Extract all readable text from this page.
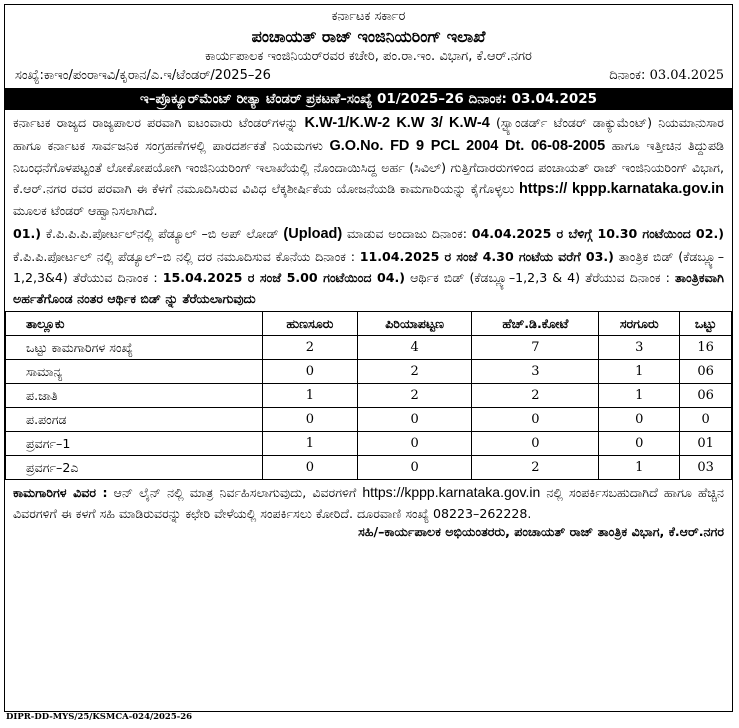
ಕರ್ನಾಟಕ ಸರ್ಕಾರ
ಪಂಚಾಯತ್ ರಾಜ್ ಇಂಜಿನಿಯರಿಂಗ್ ಇಲಾಖೆ
ಕಾರ್ಯಪಾಲಕ ಇಂಜಿನಿಯರ್‌ರವರ ಕಚೇರಿ, ಪಂ.ರಾ.ಇಂ. ವಿಭಾಗ, ಕೆ.ಆರ್.ನಗರ
ಸಂಖ್ಯೆ:ಕಾಇಂ/ಪಂರಾಇವಿ/ಕೃರಾನ/ಎ.ಇ/ಟೆಂಡರ್/2025–26	ದಿನಾಂಕ: 03.04.2025
ಇ–ಪ್ರೊಕ್ಯೂರ್‌ಮೆಂಟ್ ರೀತ್ಯಾ ಟೆಂಡರ್ ಪ್ರಕಟಣೆ–ಸಂಖ್ಯೆ 01/2025–26 ದಿನಾಂಕ: 03.04.2025
ಕರ್ನಾಟಕ ರಾಜ್ಯದ ರಾಜ್ಯಪಾಲರ ಪರವಾಗಿ ಐಟಂವಾರು ಟೆಂಡರ್‌ಗಳನ್ನು K.W-1/K.W-2 K.W 3/ K.W-4 (ಸ್ಟ್ಯಾಂಡರ್ಡ್ ಟೆಂಡರ್ ಡಾಕ್ಯುಮೆಂಟ್) ನಿಯಮಾನುಸಾರ ಹಾಗೂ ಕರ್ನಾಟಕ ಸಾರ್ವಜನಿಕ ಸಂಗ್ರಹಣೆಗಳಲ್ಲಿ ಪಾರದರ್ಶಕತೆ ನಿಯಮಗಳು G.O.No. FD 9 PCL 2004 Dt. 06-08-2005 ಹಾಗೂ ಇತ್ತೀಚಿನ ತಿದ್ದುಪಡಿ ನಿಬಂಧನೆಗೊಳಪಟ್ಟಂತೆ ಲೋಕೋಪಯೋಗಿ ಇಂಜಿನಿಯರಿಂಗ್ ಇಲಾಖೆಯಲ್ಲಿ ನೊಂದಾಯಿಸಿದ್ದ ಅರ್ಹ (ಸಿವಿಲ್) ಗುತ್ತಿಗೆದಾರರುಗಳಿಂದ ಪಂಚಾಯತ್ ರಾಜ್ ಇಂಜಿನಿಯರಿಂಗ್ ವಿಭಾಗ, ಕೆ.ಆರ್.ನಗರ ರವರ ಪರವಾಗಿ ಈ ಕೆಳಗೆ ನಮೂದಿಸಿರುವ ವಿವಿಧ ಲೆಕ್ಕಶೀರ್ಷಿಕೆಯ ಯೋಜನೆಯಡಿ ಕಾಮಗಾರಿಯನ್ನು ಕೈಗೊಳ್ಳಲು https:// kppp.karnataka.gov.in ಮೂಲಕ ಟೆಂಡರ್ ಆಹ್ವಾನಿಸಲಾಗಿದೆ.
01.) ಕೆ.ಪಿ.ಪಿ.ಪಿ.ಪೋರ್ಟಲ್‌ನಲ್ಲಿ ಪೆಡ್ಯೂಲ್ –ಬಿ ಅಪ್ ಲೋಡ್ (Upload) ಮಾಡುವ ಅಂದಾಜು ದಿನಾಂಕ: 04.04.2025 ರ ಬೆಳಿಗ್ಗೆ 10.30 ಗಂಟೆಯಿಂದ 02.) ಕೆ.ಪಿ.ಪಿ.ಪೋರ್ಟಲ್ ನಲ್ಲಿ ಪೆಡ್ಯೂಲ್–ಬಿ ನಲ್ಲಿ ದರ ನಮೂದಿಸುವ ಕೊನೆಯ ದಿನಾಂಕ : 11.04.2025 ರ ಸಂಜೆ 4.30 ಗಂಟೆಯ ವರೆಗೆ 03.) ತಾಂತ್ರಿಕ ಬಿಡ್ (ಕೆಡಬ್ಲ್ಯೂ–1,2,3&4) ತೆರೆಯುವ ದಿನಾಂಕ : 15.04.2025 ರ ಸಂಜೆ 5.00 ಗಂಟೆಯಿಂದ 04.) ಆರ್ಥಿಕ ಬಿಡ್ (ಕೆಡಬ್ಲ್ಯೂ–1,2,3 & 4) ತೆರೆಯುವ ದಿನಾಂಕ : ತಾಂತ್ರಿಕವಾಗಿ ಅರ್ಹತೆಗೊಂಡ ನಂತರ ಆರ್ಥಿಕ ಬಿಡ್ ನ್ನು ತೆರೆಯಲಾಗುವುದು
ತಾಲ್ಲೂಕು	ಹುಣಸೂರು	ಪಿರಿಯಾಪಟ್ಟಣ	ಹೆಚ್.ಡಿ.ಕೋಟೆ	ಸರಗೂರು	ಒಟ್ಟು
ಒಟ್ಟು ಕಾಮಗಾರಿಗಳ ಸಂಖ್ಯೆ	2	4	7	3	16
ಸಾಮಾನ್ಯ	0	2	3	1	06
ಪ.ಜಾತಿ	1	2	2	1	06
ಪ.ಪಂಗಡ	0	0	0	0	0
ಪ್ರವರ್ಗ–1	1	0	0	0	01
ಪ್ರವರ್ಗ–2ಎ	0	0	2	1	03
ಕಾಮಗಾರಿಗಳ ವಿವರ : ಆನ್ ಲೈನ್ ನಲ್ಲಿ ಮಾತ್ರ ನಿರ್ವಹಿಸಲಾಗುವುದು, ವಿವರಗಳಿಗೆ https://kppp.karnataka.gov.in ನಲ್ಲಿ ಸಂಪರ್ಕಿಸಬಹುದಾಗಿದೆ ಹಾಗೂ ಹೆಚ್ಚಿನ ವಿವರಗಳಿಗೆ ಈ ಕಳಗೆ ಸಹಿ ಮಾಡಿರುವರನ್ನು ಕಛೇರಿ ವೇಳೆಯಲ್ಲಿ ಸಂಪರ್ಕಿಸಲು ಕೋರಿದೆ. ದೂರವಾಣಿ ಸಂಖ್ಯೆ 08223–262228.
ಸಹಿ/–ಕಾರ್ಯಪಾಲಕ ಅಭಿಯಂತರರು, ಪಂಚಾಯತ್ ರಾಜ್ ತಾಂತ್ರಿಕ ವಿಭಾಗ, ಕೆ.ಆರ್.ನಗರ
DIPR-DD-MYS/25/KSMCA-024/2025-26
